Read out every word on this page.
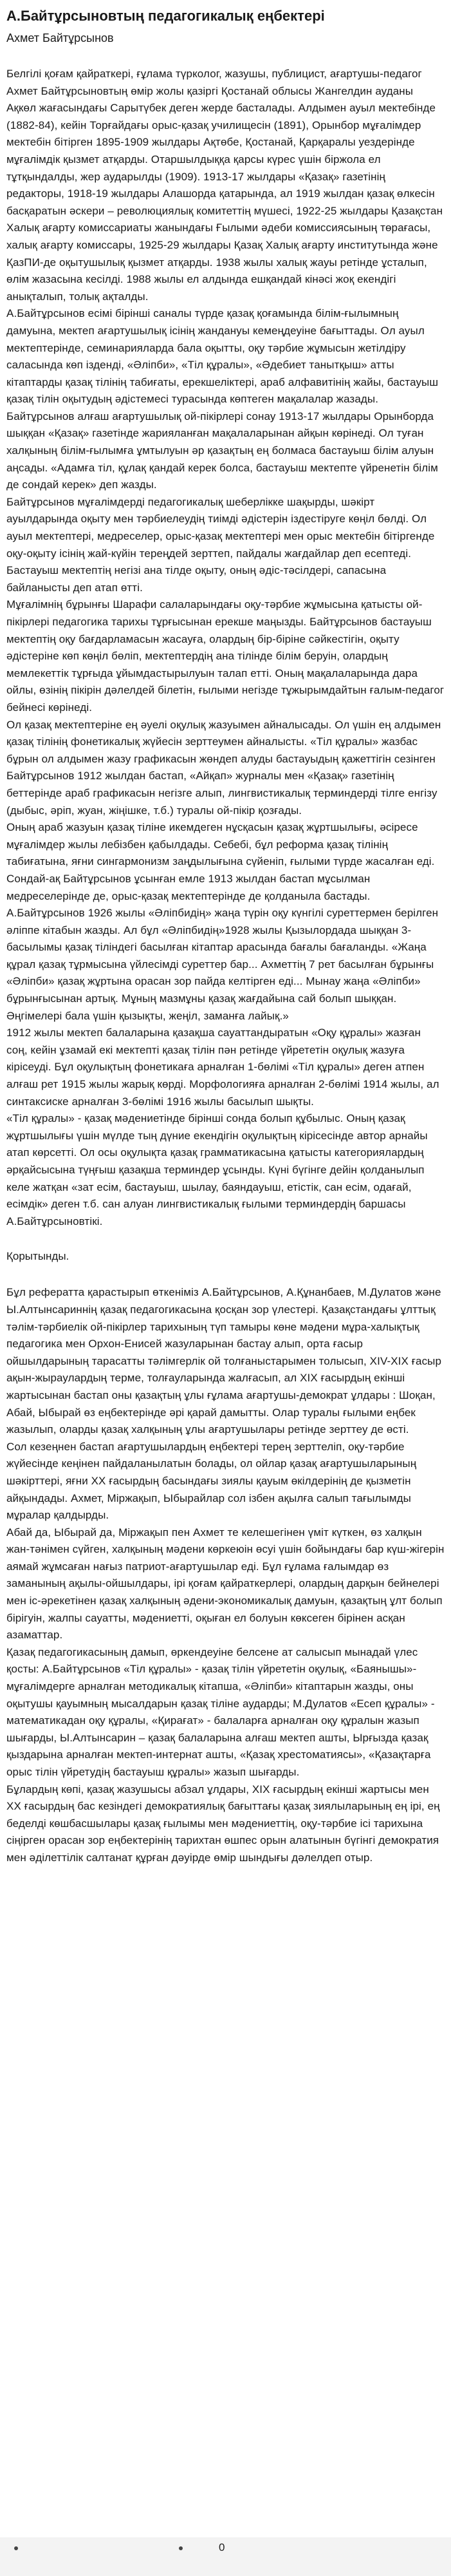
А.Байтұрсыновтың педагогикалық еңбектері
Ахмет Байтұрсынов

Белгілі қоғам қайраткері, ғұлама түрколог, жазушы, публицист, ағартушы-педагог Ахмет Байтұрсыновтың өмір жолы қазіргі Қостанай облысы Жангелдин ауданы Ақкөл жағасындағы Сарытүбек деген жерде басталады. Алдымен ауыл мектебінде (1882-84), кейін Торғайдағы орыс-қазақ училищесін (1891), Орынбор мұғалімдер мектебін бітірген 1895-1909 жылдары Ақтөбе, Қостанай, Қарқаралы уездеріндe мұғалімдік қызмет атқарды. Отаршылдыққа қарсы күрес үшін біржола ел тұтқындалды, жер аударылды (1909). 1913-17 жылдары «Қазақ» газетінің редакторы, 1918-19 жылдары Алашорда қатарында, ал 1919 жылдан қазақ өлкесін басқаратын әскери – революциялық комитеттің мүшесі, 1922-25 жылдары Қазақстан Халық ағарту комиссариаты жанындағы Ғылыми әдеби комиссиясының төрағасы, халық ағарту комиссары, 1925-29 жылдары Қазақ Халық ағарту институтында және ҚазПИ-де оқытушылық қызмет атқарды. 1938 жылы халық жауы ретінде ұсталып, өлім жазасына кесілді. 1988 жылы ел алдында ешқандай кінәсі жоқ екендігі анықталып, толық ақталды.

А.Байтұрсынов есімі бірінші саналы түрде қазақ қоғамында білім-ғылымның дамуына, мектеп ағартушылық ісінің жандануы кемеңдеуіне бағыттады. Ол ауыл мектептерінде, семинарияларда бала оқытты, оқу тәрбие жұмысын жетілдіру саласында көп ізденді, «Әліпби», «Тіл құралы», «Әдебиет танытқыш» атты кітаптарды қазақ тілінің табиғаты, ерекшеліктері, араб алфавитінің жайы, бастауыш қазақ тілін оқытудың әдістемесі турасында көптеген мақалалар жазады.

Байтұрсынов алғаш ағартушылық ой-пікірлері сонау 1913-17 жылдары Орынборда шыққан «Қазақ» газетінде жарияланған мақалаларынан айқын көрінеді. Ол туған халқының білім-ғылымға ұмтылуын әр қазақтың ең болмаса бастауыш білім алуын аңсады. «Адамға тіл, құлақ қандай керек болса, бастауыш мектепте үйренетін білім де сондай керек» деп жазды.

Байтұрсынов мұғалімдерді педагогикалық шеберлікке шақырды, шәкірт ауылдарында оқыту мен тәрбиелеудің тиімді әдістерін іздестіруге көңіл бөлді. Ол ауыл мектептері, медреселер, орыс-қазақ мектептері мен орыс мектебін бітіргенде оқу-оқыту ісінің жай-күйін тереңдей зерттеп, пайдалы жағдайлар деп есептеді. Бастауыш мектептің негізі ана тілде оқыту, оның әдіс-тәсілдері, сапасына байланысты деп атап өтті.

Мұғалімнің бұрынғы Шарафи салаларындағы оқу-тәрбие жұмысына қатысты ой-пікірлері педагогика тарихы тұрғысынан ерекше маңызды. Байтұрсынов бастауыш мектептің оқу бағдарламасын жасауға, олардың бір-біріне сәйкестігін, оқыту әдістеріне көп көңіл бөліп, мектептердің ана тілінде білім беруін, олардың мемлекеттік тұрғыда ұйымдастырылуын талап етті. Оның мақалаларында дара ойлы, өзінің пікірін дәлелдей білетін, ғылыми негізде тұжырымдайтын ғалым-педагог бейнесі көрінеді.

Ол қазақ мектептеріне ең әуелі оқулық жазуымен айналысады. Ол үшін ең алдымен қазақ тілінің фонетикалық жүйесін зерттеумен айналысты. «Тіл құралы» жазбас бұрын ол алдымен жазу графикасын жөндеп алуды бастауыдың қажеттігін сезінген Байтұрсынов 1912 жылдан бастап, «Айқап» журналы мен «Қазақ» газетінің беттерінде араб графикасын негізге алып, лингвистикалық терминдерді тілге енгізу (дыбыс, әріп, жуан, жіңішке, т.б.) туралы ой-пікір қозғады.

Оның араб жазуын қазақ тіліне икемдеген нұсқасын қазақ жұртшылығы, әсіресе мұғалімдер жылы лебізбен қабылдады. Себебі, бұл реформа қазақ тілінің табиғатына, яғни сингармонизм заңдылығына сүйеніп, ғылыми түрде жасалған еді. Сондай-ақ Байтұрсынов ұсынған емле 1913 жылдан бастап мұсылман медреселерінде де, орыс-қазақ мектептерінде де қолданыла бастады.

А.Байтұрсынов 1926 жылы «Әліпбидің» жаңа түрін оқу күнгілі суреттермен берілген әліппе кітабын жазды. Ал бұл «Әліпбидің»1928 жылы Қызылордада шыққан 3-басылымы қазақ тіліндегі басылған кітаптар арасында бағалы бағаланды. «Жаңа құрал қазақ тұрмысына үйлесімді суреттер бар... Ахметтің 7 рет басылған бұрынғы «Әліпби» қазақ жұртына орасан зор пайда келтірген еді... Мынау жаңа «Әліпби» бұрынғысынан артық. Мұның мазмұны қазақ жағдайына сай болып шыққан. Әңгімелері бала үшін қызықты, жеңіл, заманға лайық.»

1912 жылы мектеп балаларына қазақша сауаттандыратын «Оқу құралы» жазған соң, кейін ұзамай екі мектепті қазақ тілін пән ретінде үйрететін оқулық жазуға кірісеуді. Бұл оқулықтың фонетикаға арналған 1-бөлімі «Тіл құралы» деген атпен алғаш рет 1915 жылы жарық көрді. Морфологияға арналған 2-бөлімі 1914 жылы, ал синтаксиске арналған 3-бөлімі 1916 жылы басылып шықты.

«Тіл құралы» - қазақ мәдениетінде бірінші сонда болып құбылыс. Оның қазақ жұртшылығы үшін мүлде тың дүние екендігін оқулықтың кірісесіндe автор арнайы атап көрсетті. Ол осы оқулықта қазақ грамматикасына қатысты категориялардың әрқайсысына түңғыш қазақша терминдер ұсынды. Күні бүгінге дейін қолданылып келе жатқан «зат есім, бастауыш, шылау, баяндауыш, етістік, сан есім, одағай, есімдік» деген т.б. сан алуан лингвистикалық ғылыми терминдердің баршасы А.Байтұрсыновтікі.

Қорытынды.

Бұл рефератта қарастырып өткеніміз А.Байтұрсынов, А.Құнанбаев, М.Дулатов және Ы.Алтынсариннің қазақ педагогикасына қосқан зор үлестері. Қазақстандағы ұлттық тәлім-тәрбиелік ой-пікірлер тарихының түп тамыры көне мәдени мұра-халықтық педагогика мен Орхон-Енисей жазуларынан бастау алып, орта ғасыр ойшылдарының тарасатты тәлімгерлік ой толғаныстарымен толысып, XIV-XIX ғасыр ақын-жыраулардың терме, толғауларында жалғасып, ал XIX ғасырдың екінші жартысынан бастап оны қазақтың ұлы ғұлама ағартушы-демократ ұлдары : Шоқан, Абай, Ыбырай өз еңбектерінде әрі қарай дамытты. Олар туралы ғылыми еңбек жазылып, оларды қазақ халқының ұлы ағартушылары ретінде зерттеу де өсті.

Сол кезеңнен бастап ағартушылардың еңбектері терең зерттеліп, оқу-тәрбие жүйесінде кеңінен пайдаланылатын болады, ол ойлар қазақ ағартушыларының шәкірттері, яғни ХХ ғасырдың басындағы зиялы қауым өкілдерінің де қызметін айқындады. Ахмет, Міржақып, Ыбырайлар сол ізбен ақылға салып тағылымды мұралар қалдырды.

Абай да, Ыбырай да, Міржақып пен Ахмет те келешегінен үміт күткен, өз халқын жан-тәнімен сүйген, халқының мәдени көркеюін өсуі үшін бойындағы бар күш-жігерін аямай жұмсаған нағыз патриот-ағартушылар еді. Бұл ғұлама ғалымдар өз заманының ақылы-ойшылдары, ірі қоғам қайраткерлері, олардың дарқын бейнелері мен іс-әрекетінен қазақ халқының әдени-экономикалық дамуын, қазақтың ұлт болып бірігуін, жалпы сауатты, мәдениетті, оқыған ел болуын көксеген бірінен асқан азаматтар.

Қазақ педагогикасының дамып, өркендеуіне белсене ат салысып мынадай үлес қосты: А.Байтұрсынов «Тіл құралы» - қазақ тілін үйрететін оқулық, «Баянышы»- мұғалімдерге арналған методикалық кітапша, «Әліпби» кітаптарын жазды, оны оқытушы қауымның мысалдарын қазақ тіліне аударды; М.Дулатов «Есеп құралы» - математикадан оқу құралы, «Қирағат» - балаларға арналған оқу құралын жазып шығарды, Ы.Алтынсарин – қазақ балаларына алғаш мектеп ашты, Ырғызда қазақ қыздарына арналған мектеп-интернат ашты, «Қазақ хрестоматиясы», «Қазақтарға орыс тілін үйретудің бастауыш құралы» жазып шығарды.

Бұлардың көпі, қазақ жазушысы абзал ұлдары, XIX ғасырдың екінші жартысы мен XX ғасырдың бас кезіндегі демократиялық бағыттағы қазақ зиялыларының ең ірі, ең беделді көшбасшылары қазақ ғылымы мен мәдениеттің, оқу-тәрбие ісі тарихына сіңірген орасан зор еңбектерінің тарихтан өшпес орын алатынын бүгінгі демократия мен әділеттілік салтанат құрған дәуірде өмір шындығы дәлелдеп отыр.

0
